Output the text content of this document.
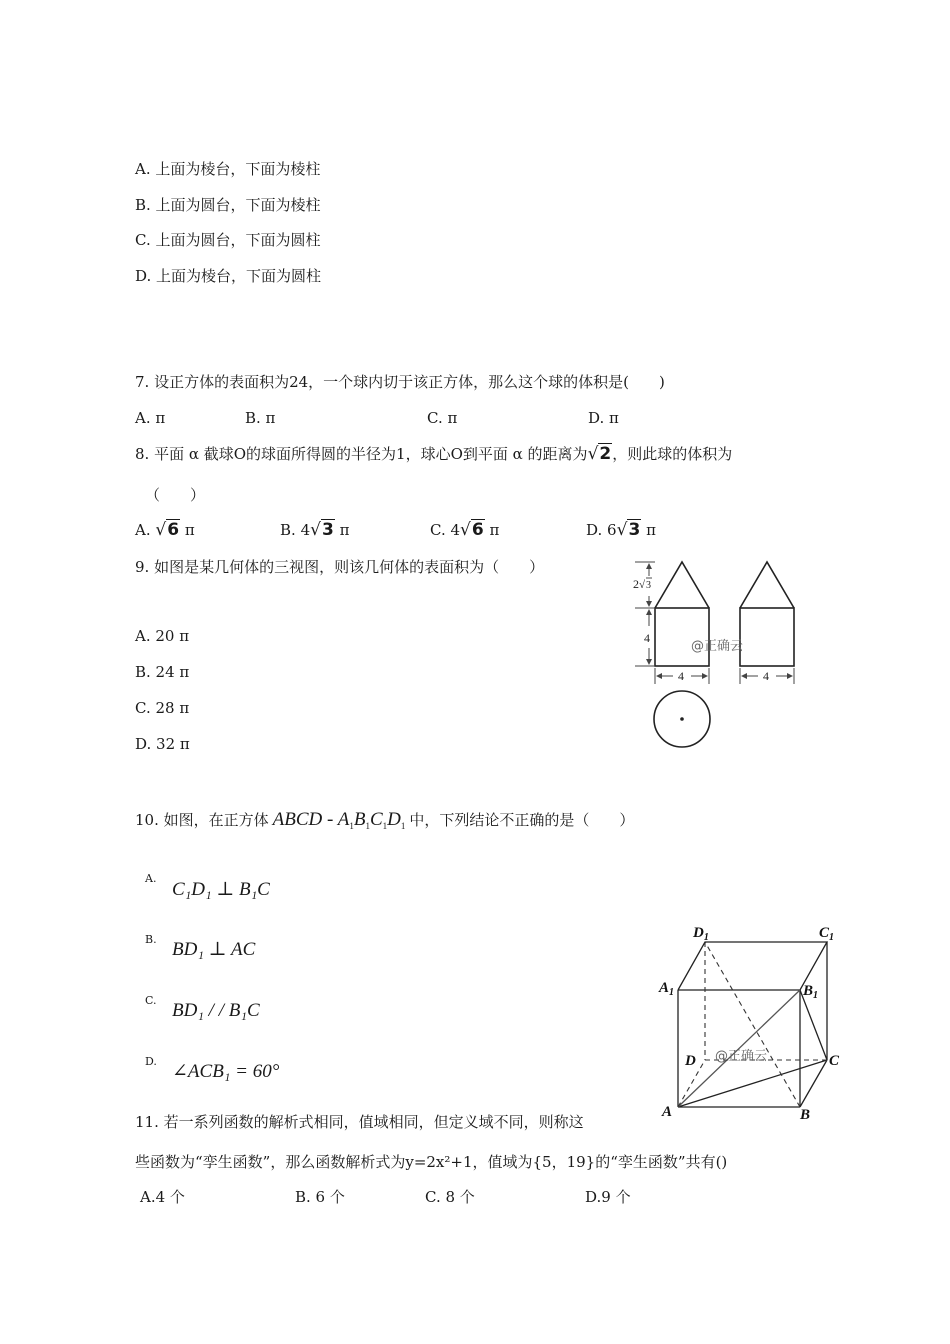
A. 上面为棱台，下面为棱柱
B. 上面为圆台，下面为棱柱
C. 上面为圆台，下面为圆柱
D. 上面为棱台，下面为圆柱
7. 设正方体的表面积为24，一个球内切于该正方体，那么这个球的体积是(　　)
A. π	B. π	C. π	D. π
8. 平面 α 截球O的球面所得圆的半径为1，球心O到平面 α 的距离为√2，则此球的体积为
（　　）
A. √6 π	B. 4√3 π	C. 4√6 π	D. 6√3 π
9. 如图是某几何体的三视图，则该几何体的表面积为（　　）
A. 20 π
B. 24 π
C. 28 π
D. 32 π
2 √ 3
4
4	4
@正确云
10. 如图，在正方体 ABCD - $A_1B_1C_1D_1$ 中，下列结论不正确的是（　　）
A.
C₁D₁ ⊥ B₁C
B. BD₁ ⊥ AC
C. BD₁ / / B₁C
D. ∠ACB₁ = 60°
$D_1$	$C_1$
$A_1$	$B_1$
D	C
A	B
@正确云
11. 若一系列函数的解析式相同，值域相同，但定义域不同，则称这
些函数为“孪生函数”，那么函数解析式为y=2x²+1，值域为{5，19}的“孪生函数”共有()
A.4 个	B. 6 个	C. 8 个	D.9 个
